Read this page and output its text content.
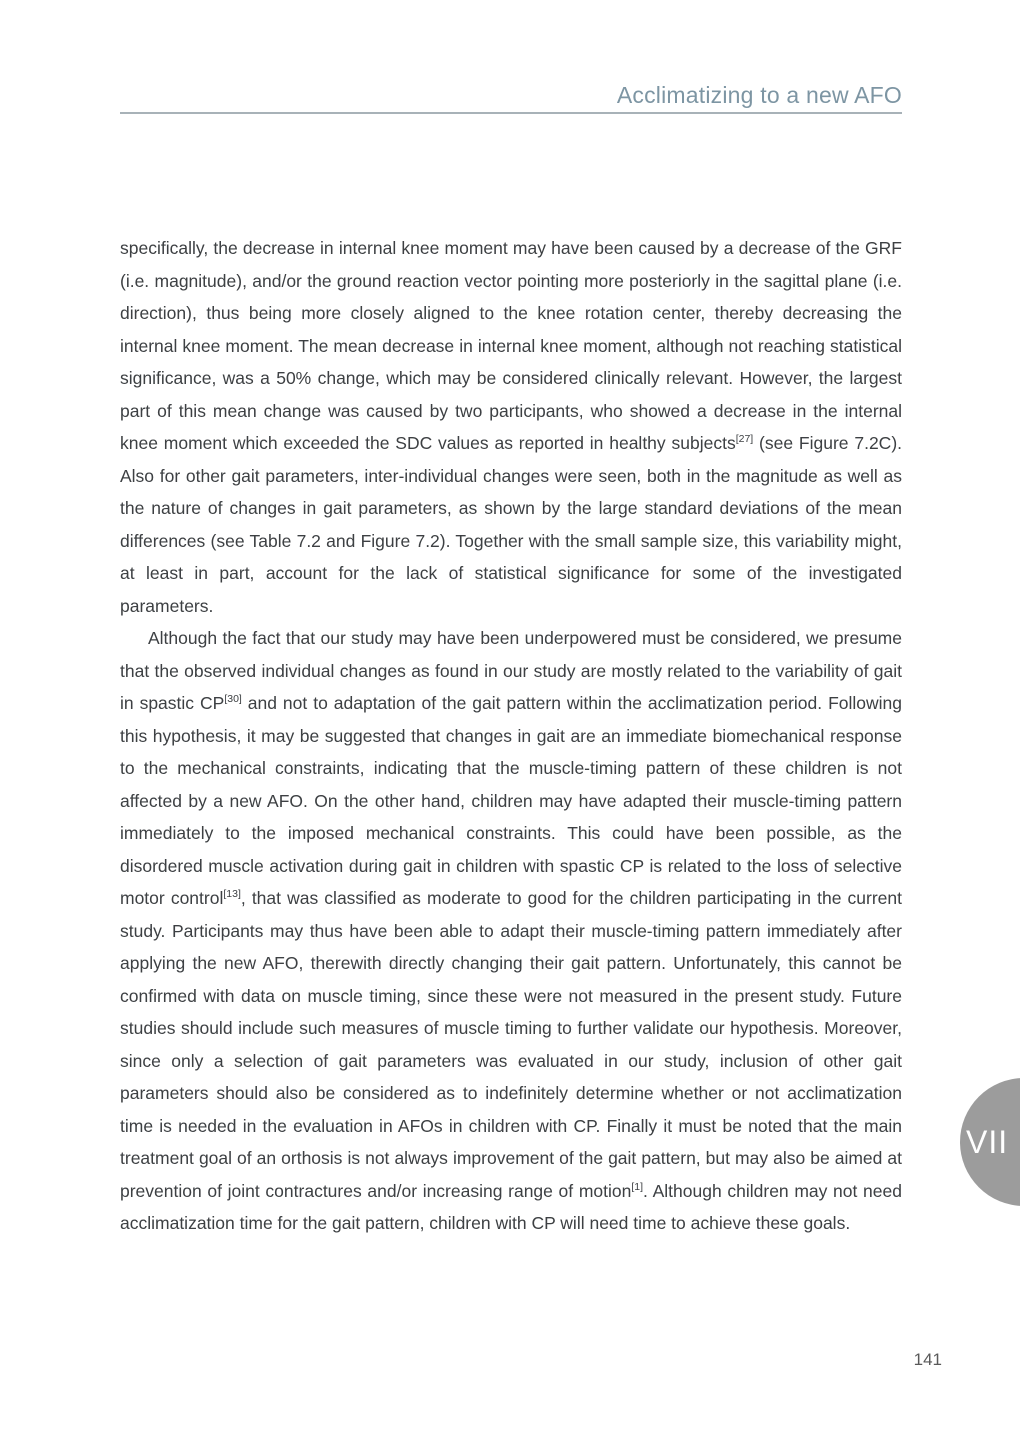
Acclimatizing to a new AFO

specifically, the decrease in internal knee moment may have been caused by a decrease of the GRF (i.e. magnitude), and/or the ground reaction vector pointing more posteriorly in the sagittal plane (i.e. direction), thus being more closely aligned to the knee rotation center, thereby decreasing the internal knee moment. The mean decrease in internal knee moment, although not reaching statistical significance, was a 50% change, which may be considered clinically relevant. However, the largest part of this mean change was caused by two participants, who showed a decrease in the internal knee moment which exceeded the SDC values as reported in healthy subjects[27] (see Figure 7.2C). Also for other gait parameters, inter-individual changes were seen, both in the magnitude as well as the nature of changes in gait parameters, as shown by the large standard deviations of the mean differences (see Table 7.2 and Figure 7.2). Together with the small sample size, this variability might, at least in part, account for the lack of statistical significance for some of the investigated parameters.

Although the fact that our study may have been underpowered must be considered, we presume that the observed individual changes as found in our study are mostly related to the variability of gait in spastic CP[30] and not to adaptation of the gait pattern within the acclimatization period. Following this hypothesis, it may be suggested that changes in gait are an immediate biomechanical response to the mechanical constraints, indicating that the muscle-timing pattern of these children is not affected by a new AFO. On the other hand, children may have adapted their muscle-timing pattern immediately to the imposed mechanical constraints. This could have been possible, as the disordered muscle activation during gait in children with spastic CP is related to the loss of selective motor control[13], that was classified as moderate to good for the children participating in the current study. Participants may thus have been able to adapt their muscle-timing pattern immediately after applying the new AFO, therewith directly changing their gait pattern. Unfortunately, this cannot be confirmed with data on muscle timing, since these were not measured in the present study. Future studies should include such measures of muscle timing to further validate our hypothesis. Moreover, since only a selection of gait parameters was evaluated in our study, inclusion of other gait parameters should also be considered as to indefinitely determine whether or not acclimatization time is needed in the evaluation in AFOs in children with CP. Finally it must be noted that the main treatment goal of an orthosis is not always improvement of the gait pattern, but may also be aimed at prevention of joint contractures and/or increasing range of motion[1]. Although children may not need acclimatization time for the gait pattern, children with CP will need time to achieve these goals.

VII
141
